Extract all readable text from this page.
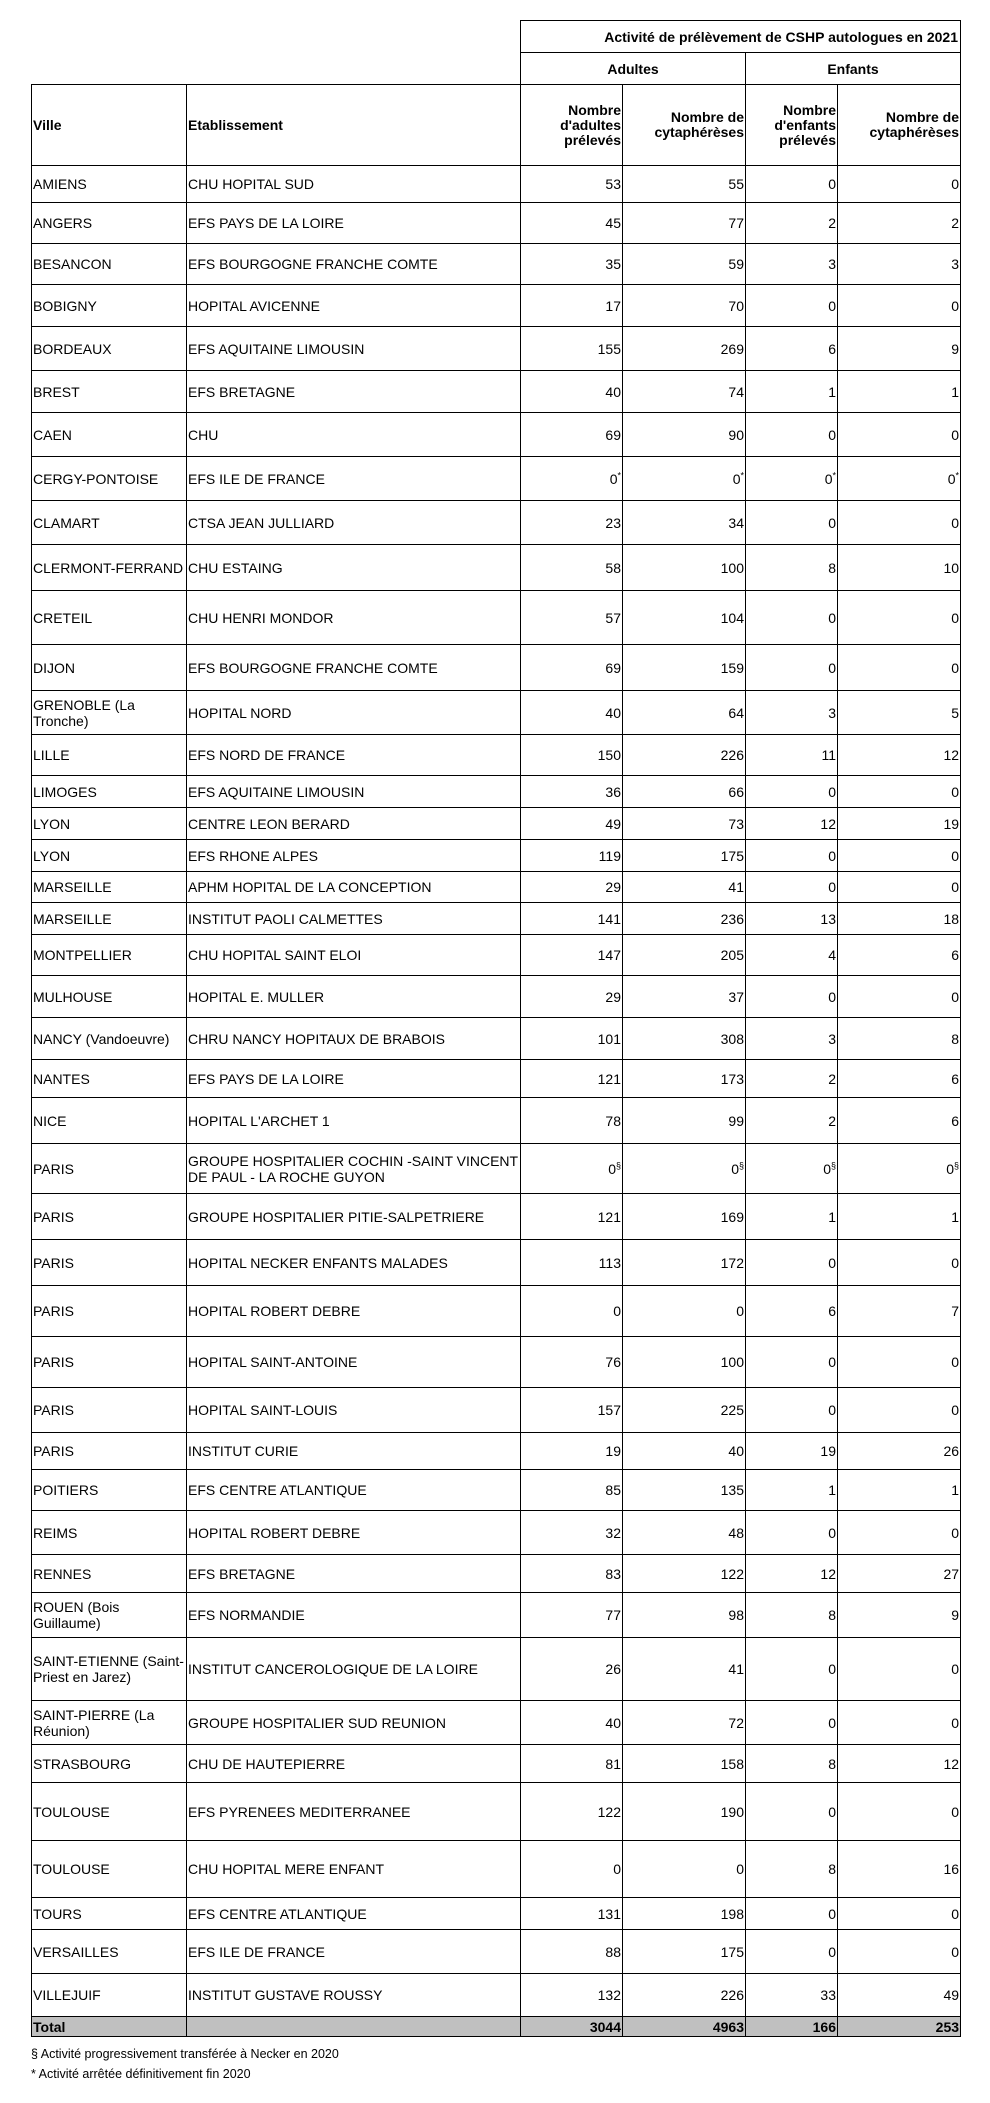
		Activité de prélèvement de CSHP autologues en 2021			
		Adultes		Enfants	
Ville	Etablissement	Nombre d'adultes prélevés	Nombre de cytaphérèses	Nombre d'enfants prélevés	Nombre de cytaphérèses
AMIENS	CHU HOPITAL SUD	53	55	0	0
ANGERS	EFS PAYS DE LA LOIRE	45	77	2	2
BESANCON	EFS BOURGOGNE FRANCHE COMTE	35	59	3	3
BOBIGNY	HOPITAL AVICENNE	17	70	0	0
BORDEAUX	EFS AQUITAINE LIMOUSIN	155	269	6	9
BREST	EFS BRETAGNE	40	74	1	1
CAEN	CHU	69	90	0	0
CERGY-PONTOISE	EFS ILE DE FRANCE	0*	0*	0*	0*
CLAMART	CTSA JEAN JULLIARD	23	34	0	0
CLERMONT-FERRAND	CHU ESTAING	58	100	8	10
CRETEIL	CHU HENRI MONDOR	57	104	0	0
DIJON	EFS BOURGOGNE FRANCHE COMTE	69	159	0	0
GRENOBLE (La Tronche)	HOPITAL NORD	40	64	3	5
LILLE	EFS NORD DE FRANCE	150	226	11	12
LIMOGES	EFS AQUITAINE LIMOUSIN	36	66	0	0
LYON	CENTRE LEON BERARD	49	73	12	19
LYON	EFS RHONE ALPES	119	175	0	0
MARSEILLE	APHM HOPITAL DE LA CONCEPTION	29	41	0	0
MARSEILLE	INSTITUT PAOLI CALMETTES	141	236	13	18
MONTPELLIER	CHU HOPITAL SAINT ELOI	147	205	4	6
MULHOUSE	HOPITAL E. MULLER	29	37	0	0
NANCY (Vandoeuvre)	CHRU NANCY HOPITAUX DE BRABOIS	101	308	3	8
NANTES	EFS PAYS DE LA LOIRE	121	173	2	6
NICE	HOPITAL L'ARCHET 1	78	99	2	6
PARIS	GROUPE HOSPITALIER COCHIN -SAINT VINCENT DE PAUL - LA ROCHE GUYON	0§	0§	0§	0§
PARIS	GROUPE HOSPITALIER PITIE-SALPETRIERE	121	169	1	1
PARIS	HOPITAL NECKER ENFANTS MALADES	113	172	0	0
PARIS	HOPITAL ROBERT DEBRE	0	0	6	7
PARIS	HOPITAL SAINT-ANTOINE	76	100	0	0
PARIS	HOPITAL SAINT-LOUIS	157	225	0	0
PARIS	INSTITUT CURIE	19	40	19	26
POITIERS	EFS CENTRE ATLANTIQUE	85	135	1	1
REIMS	HOPITAL ROBERT DEBRE	32	48	0	0
RENNES	EFS BRETAGNE	83	122	12	27
ROUEN (Bois Guillaume)	EFS NORMANDIE	77	98	8	9
SAINT-ETIENNE (Saint-Priest en Jarez)	INSTITUT CANCEROLOGIQUE DE LA LOIRE	26	41	0	0
SAINT-PIERRE (La Réunion)	GROUPE HOSPITALIER SUD REUNION	40	72	0	0
STRASBOURG	CHU DE HAUTEPIERRE	81	158	8	12
TOULOUSE	EFS PYRENEES MEDITERRANEE	122	190	0	0
TOULOUSE	CHU HOPITAL MERE ENFANT	0	0	8	16
TOURS	EFS CENTRE ATLANTIQUE	131	198	0	0
VERSAILLES	EFS ILE DE FRANCE	88	175	0	0
VILLEJUIF	INSTITUT GUSTAVE ROUSSY	132	226	33	49
Total		3044	4963	166	253
§ Activité progressivement transférée à Necker en 2020
* Activité arrêtée définitivement fin 2020
